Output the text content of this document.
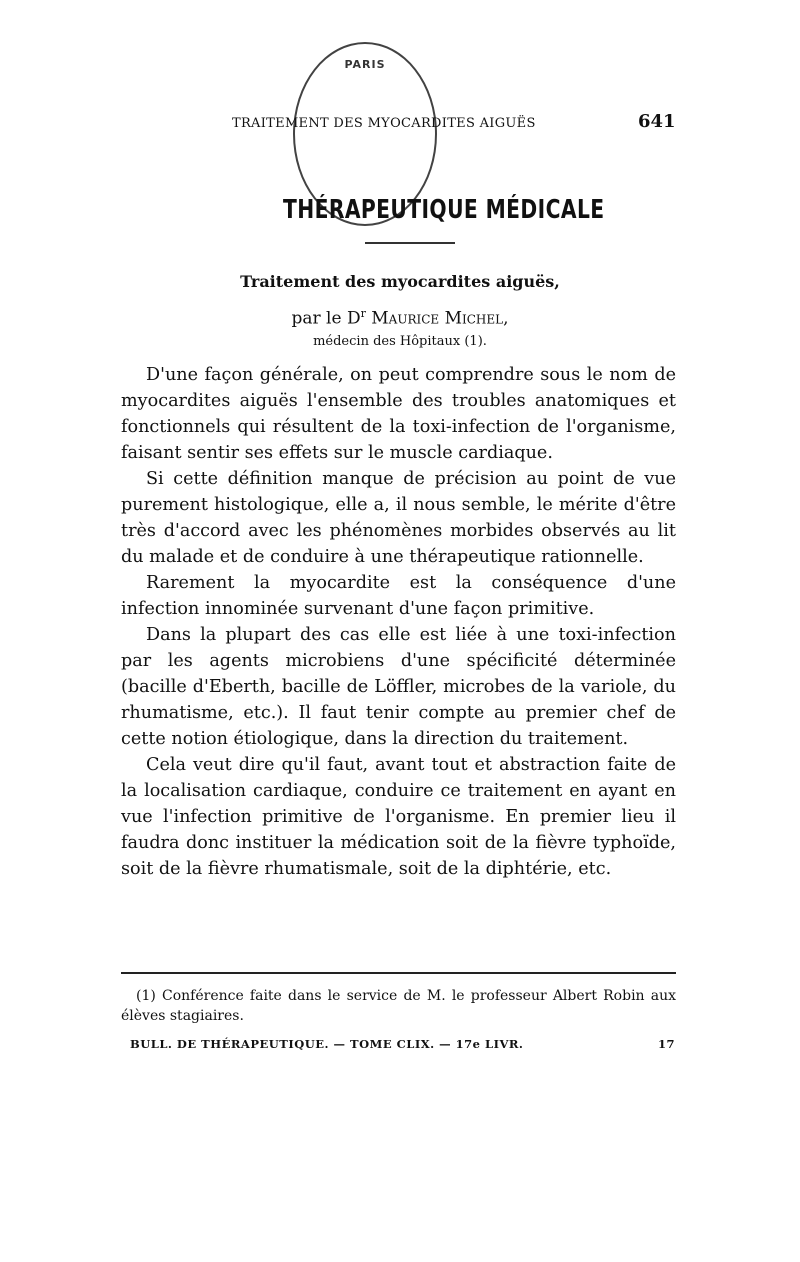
PARIS
TRAITEMENT DES MYOCARDITES AIGUËS	641
THÉRAPEUTIQUE MÉDICALE
Traitement des myocardites aiguës,
par le $D^r$ Maurice Michel,
médecin des Hôpitaux (1).

D'une façon générale, on peut comprendre sous le nom de myocardites aiguës l'ensemble des troubles anatomiques et fonctionnels qui résultent de la toxi-infection de l'organisme, faisant sentir ses effets sur le muscle cardiaque.

Si cette définition manque de précision au point de vue purement histologique, elle a, il nous semble, le mérite d'être très d'accord avec les phénomènes morbides observés au lit du malade et de conduire à une thérapeutique rationnelle.

Rarement la myocardite est la conséquence d'une infection innominée survenant d'une façon primitive.

Dans la plupart des cas elle est liée à une toxi-infection par les agents microbiens d'une spécificité déterminée (bacille d'Eberth, bacille de Löffler, microbes de la variole, du rhumatisme, etc.). Il faut tenir compte au premier chef de cette notion étiologique, dans la direction du traitement.

Cela veut dire qu'il faut, avant tout et abstraction faite de la localisation cardiaque, conduire ce traitement en ayant en vue l'infection primitive de l'organisme. En premier lieu il faudra donc instituer la médication soit de la fièvre typhoïde, soit de la fièvre rhumatismale, soit de la diphtérie, etc.

(1) Conférence faite dans le service de M. le professeur Albert Robin aux élèves stagiaires.
BULL. DE THÉRAPEUTIQUE. — TOME CLIX. — 17e LIVR.	17
